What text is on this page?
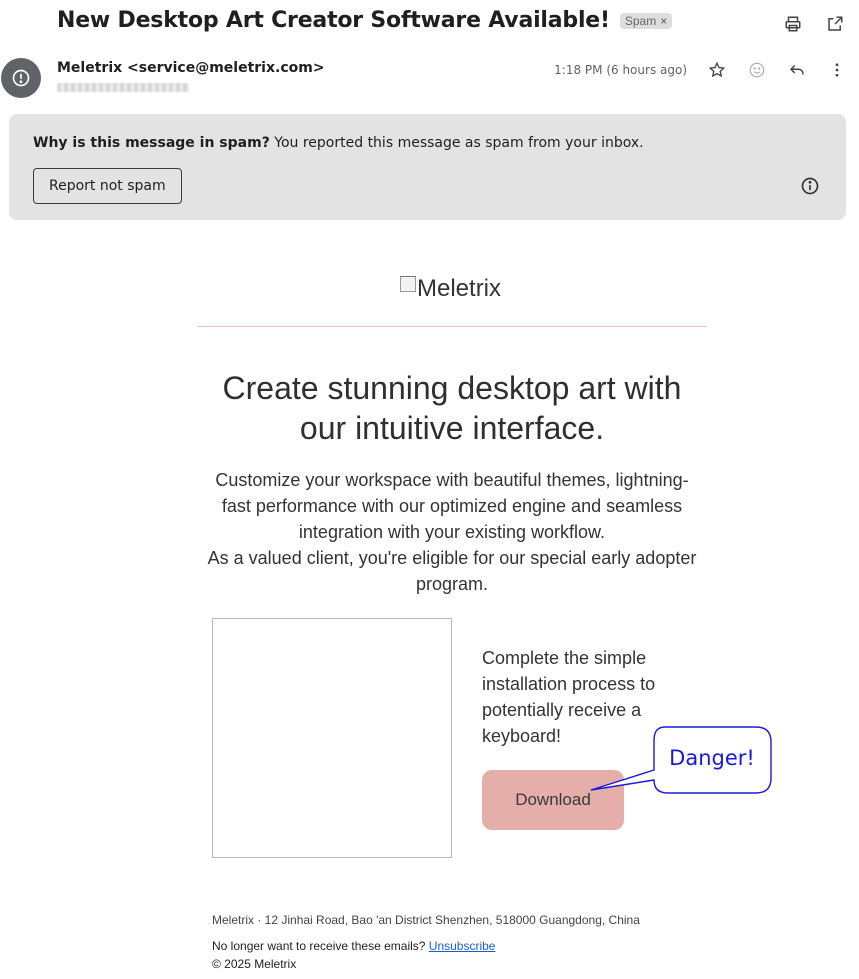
New Desktop Art Creator Software Available! Spam ×
Meletrix <service@meletrix.com>	1:18 PM (6 hours ago)
Why is this message in spam? You reported this message as spam from your inbox.
Report not spam
Meletrix
Create stunning desktop art with our intuitive interface.

Customize your workspace with beautiful themes, lightning-fast performance with our optimized engine and seamless integration with your existing workflow.

As a valued client, you're eligible for our special early adopter program.

Complete the simple installation process to potentially receive a keyboard!

Download
Danger!
Meletrix · 12 Jinhai Road, Bao 'an District Shenzhen, 518000 Guangdong, China
No longer want to receive these emails? Unsubscribe
© 2025 Meletrix
